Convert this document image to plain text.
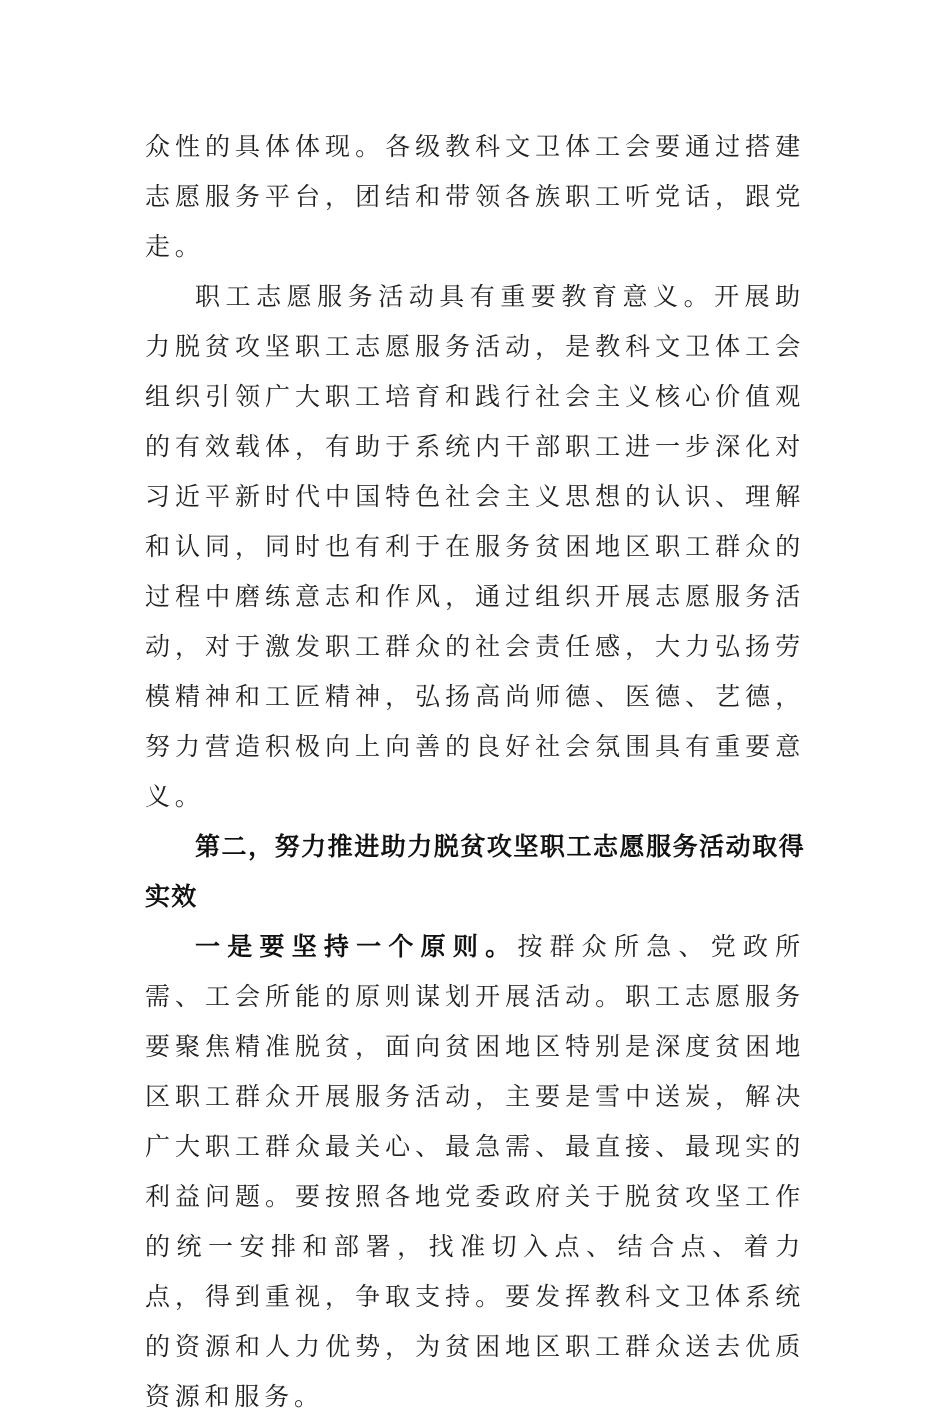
众性的具体体现。各级教科文卫体工会要通过搭建志愿服务平台，团结和带领各族职工听党话，跟党走。

职工志愿服务活动具有重要教育意义。开展助力脱贫攻坚职工志愿服务活动，是教科文卫体工会组织引领广大职工培育和践行社会主义核心价值观的有效载体，有助于系统内干部职工进一步深化对习近平新时代中国特色社会主义思想的认识、理解和认同，同时也有利于在服务贫困地区职工群众的过程中磨练意志和作风，通过组织开展志愿服务活动，对于激发职工群众的社会责任感，大力弘扬劳模精神和工匠精神，弘扬高尚师德、医德、艺德，努力营造积极向上向善的良好社会氛围具有重要意义。

第二，努力推进助力脱贫攻坚职工志愿服务活动取得实效

一是要坚持一个原则。按群众所急、党政所需、工会所能的原则谋划开展活动。职工志愿服务要聚焦精准脱贫，面向贫困地区特别是深度贫困地区职工群众开展服务活动，主要是雪中送炭，解决广大职工群众最关心、最急需、最直接、最现实的利益问题。要按照各地党委政府关于脱贫攻坚工作的统一安排和部署，找准切入点、结合点、着力点，得到重视，争取支持。要发挥教科文卫体系统的资源和人力优势，为贫困地区职工群众送去优质资源和服务。
